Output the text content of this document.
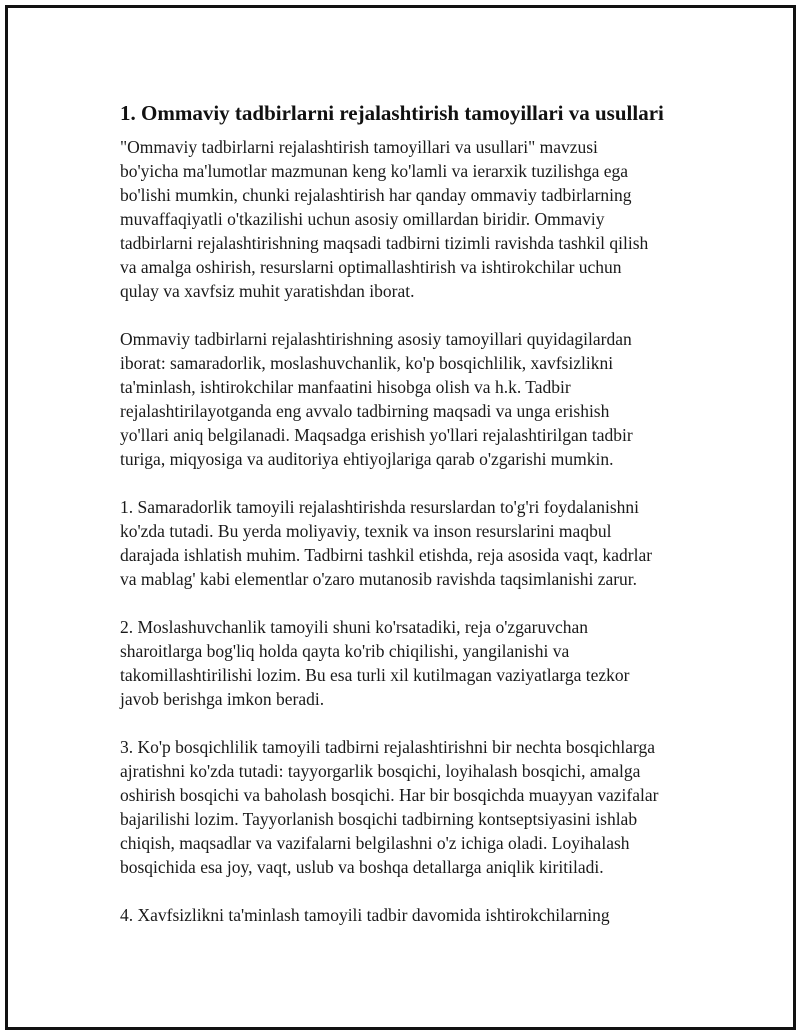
1. Ommaviy tadbirlarni rejalashtirish tamoyillari va usullari
"Ommaviy tadbirlarni rejalashtirish tamoyillari va usullari" mavzusi
bo'yicha ma'lumotlar mazmunan keng ko'lamli va ierarxik tuzilishga ega
bo'lishi mumkin, chunki rejalashtirish har qanday ommaviy tadbirlarning
muvaffaqiyatli o'tkazilishi uchun asosiy omillardan biridir. Ommaviy
tadbirlarni rejalashtirishning maqsadi tadbirni tizimli ravishda tashkil qilish
va amalga oshirish, resurslarni optimallashtirish va ishtirokchilar uchun
qulay va xavfsiz muhit yaratishdan iborat.
Ommaviy tadbirlarni rejalashtirishning asosiy tamoyillari quyidagilardan
iborat: samaradorlik, moslashuvchanlik, ko'p bosqichlilik, xavfsizlikni
ta'minlash, ishtirokchilar manfaatini hisobga olish va h.k. Tadbir
rejalashtirilayotganda eng avvalo tadbirning maqsadi va unga erishish
yo'llari aniq belgilanadi. Maqsadga erishish yo'llari rejalashtirilgan tadbir
turiga, miqyosiga va auditoriya ehtiyojlariga qarab o'zgarishi mumkin.
1. Samaradorlik tamoyili rejalashtirishda resurslardan to'g'ri foydalanishni
ko'zda tutadi. Bu yerda moliyaviy, texnik va inson resurslarini maqbul
darajada ishlatish muhim. Tadbirni tashkil etishda, reja asosida vaqt, kadrlar
va mablag' kabi elementlar o'zaro mutanosib ravishda taqsimlanishi zarur.
2. Moslashuvchanlik tamoyili shuni ko'rsatadiki, reja o'zgaruvchan
sharoitlarga bog'liq holda qayta ko'rib chiqilishi, yangilanishi va
takomillashtirilishi lozim. Bu esa turli xil kutilmagan vaziyatlarga tezkor
javob berishga imkon beradi.
3. Ko'p bosqichlilik tamoyili tadbirni rejalashtirishni bir nechta bosqichlarga
ajratishni ko'zda tutadi: tayyorgarlik bosqichi, loyihalash bosqichi, amalga
oshirish bosqichi va baholash bosqichi. Har bir bosqichda muayyan vazifalar
bajarilishi lozim. Tayyorlanish bosqichi tadbirning kontseptsiyasini ishlab
chiqish, maqsadlar va vazifalarni belgilashni o'z ichiga oladi. Loyihalash
bosqichida esa joy, vaqt, uslub va boshqa detallarga aniqlik kiritiladi.
4. Xavfsizlikni ta'minlash tamoyili tadbir davomida ishtirokchilarning
